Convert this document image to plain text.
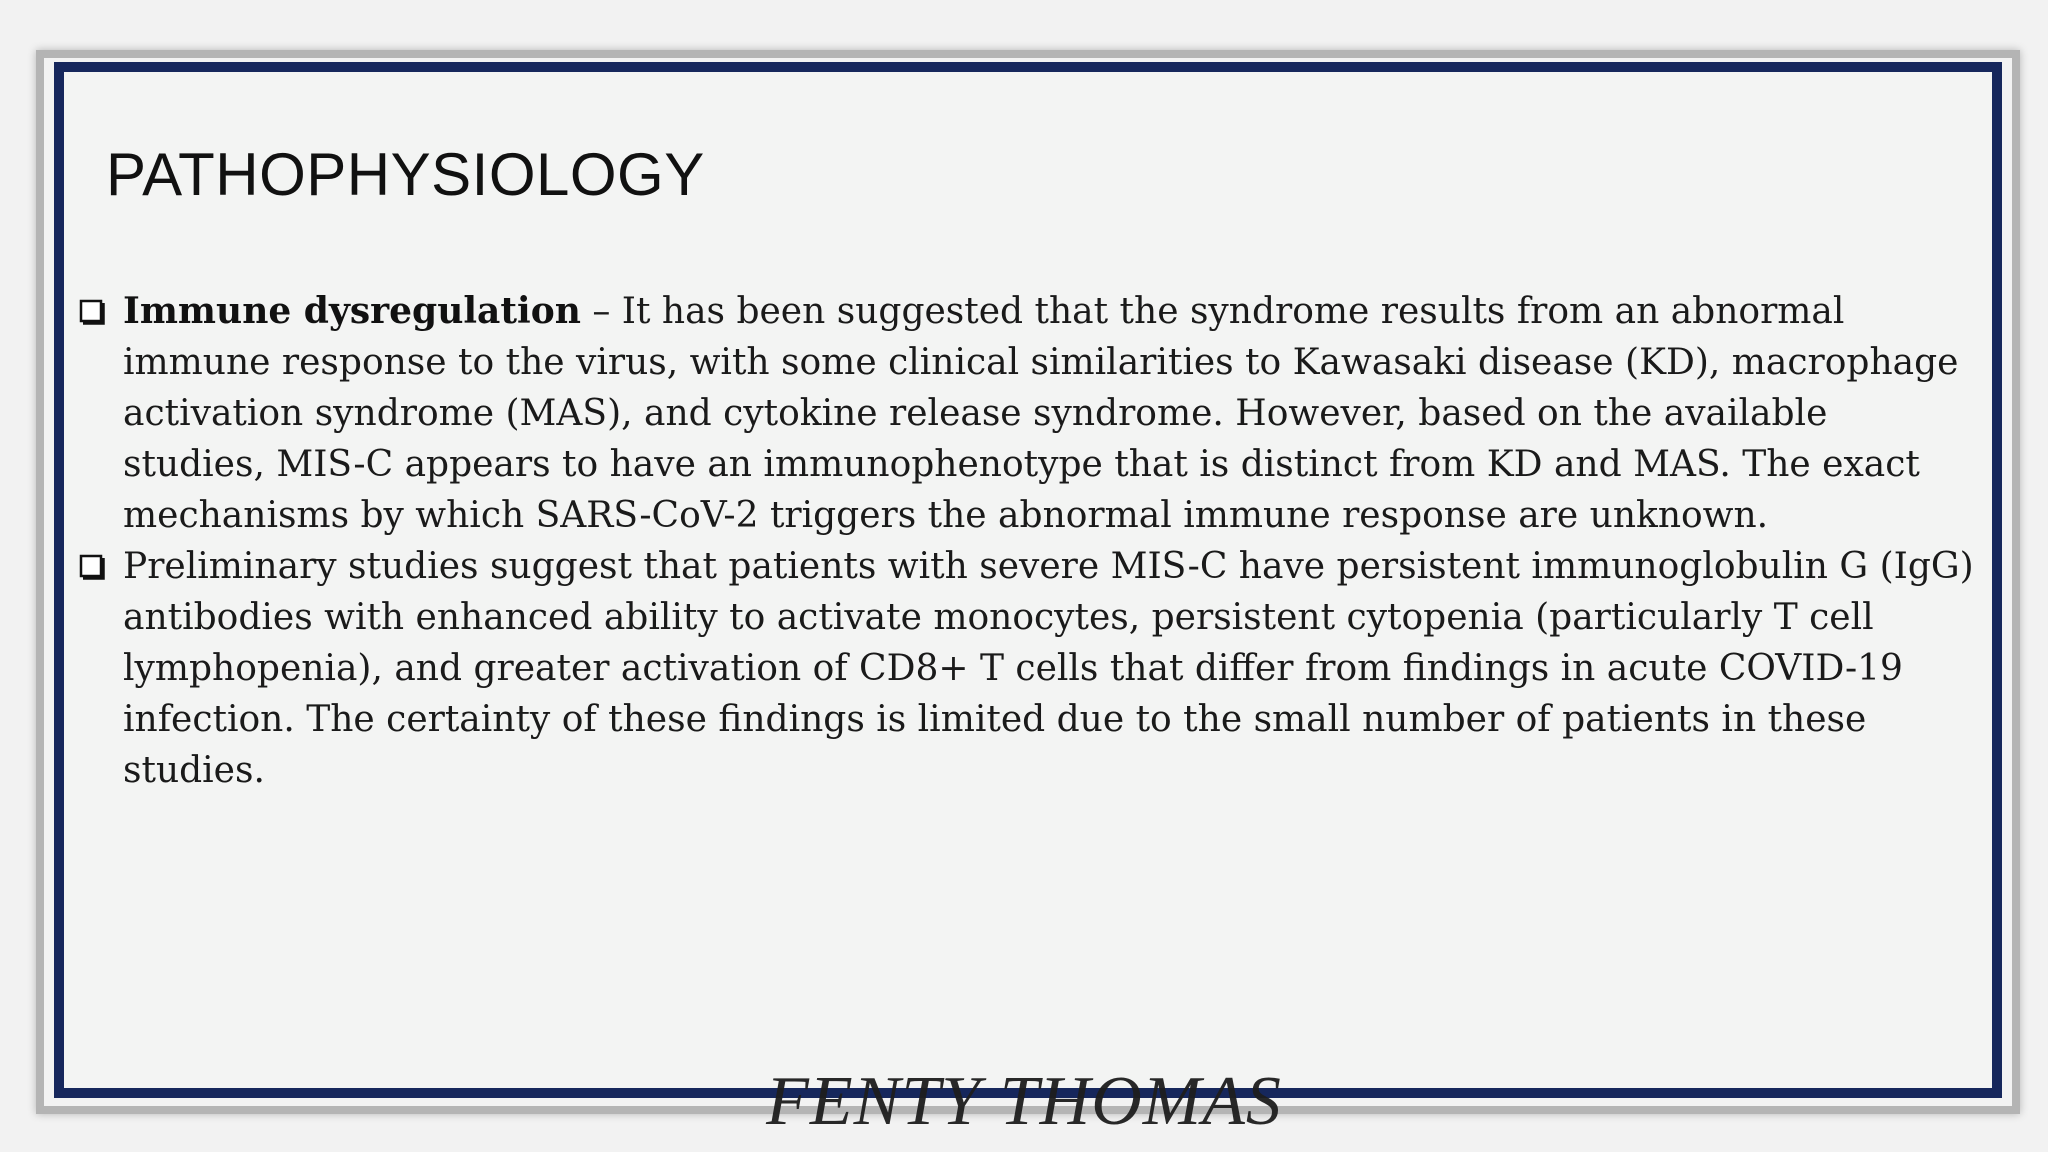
PATHOPHYSIOLOGY
Immune dysregulation – It has been suggested that the syndrome results from an abnormal immune response to the virus, with some clinical similarities to Kawasaki disease (KD), macrophage activation syndrome (MAS), and cytokine release syndrome. However, based on the available studies, MIS-C appears to have an immunophenotype that is distinct from KD and MAS. The exact mechanisms by which SARS-CoV-2 triggers the abnormal immune response are unknown.
Preliminary studies suggest that patients with severe MIS-C have persistent immunoglobulin G (IgG) antibodies with enhanced ability to activate monocytes, persistent cytopenia (particularly T cell lymphopenia), and greater activation of CD8+ T cells that differ from findings in acute COVID-19 infection. The certainty of these findings is limited due to the small number of patients in these studies.
FENTY THOMAS
